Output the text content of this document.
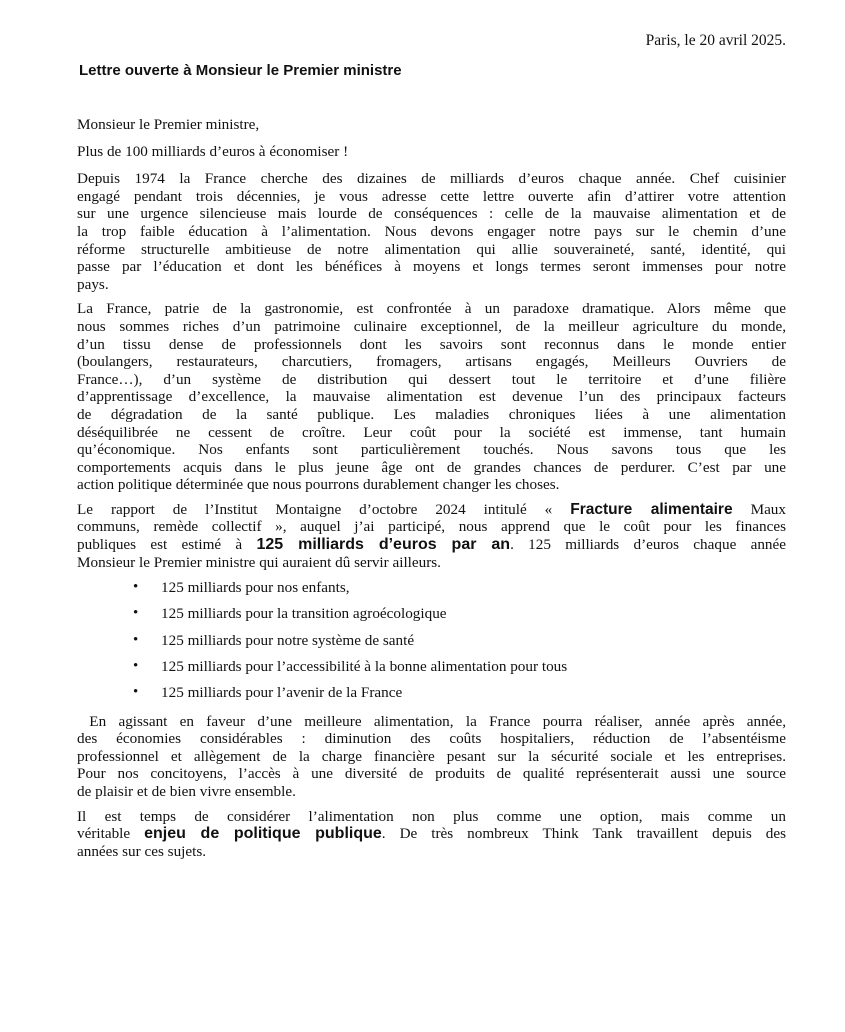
Paris, le 20 avril 2025.
Lettre ouverte à Monsieur le Premier ministre
Monsieur le Premier ministre,
Plus de 100 milliards d’euros à économiser !
Depuis 1974 la France cherche des dizaines de milliards d’euros chaque année. Chef cuisinier
engagé pendant trois décennies, je vous adresse cette lettre ouverte afin d’attirer votre attention
sur une urgence silencieuse mais lourde de conséquences : celle de la mauvaise alimentation et de
la trop faible éducation à l’alimentation. Nous devons engager notre pays sur le chemin d’une
réforme structurelle ambitieuse de notre alimentation qui allie souveraineté, santé, identité, qui
passe par l’éducation et dont les bénéfices à moyens et longs termes seront immenses pour notre
pays.
La France, patrie de la gastronomie, est confrontée à un paradoxe dramatique. Alors même que
nous sommes riches d’un patrimoine culinaire exceptionnel, de la meilleur agriculture du monde,
d’un tissu dense de professionnels dont les savoirs sont reconnus dans le monde entier
(boulangers, restaurateurs, charcutiers, fromagers, artisans engagés, Meilleurs Ouvriers de
France…), d’un système de distribution qui dessert tout le territoire et d’une filière
d’apprentissage d’excellence, la mauvaise alimentation est devenue l’un des principaux facteurs
de dégradation de la santé publique. Les maladies chroniques liées à une alimentation
déséquilibrée ne cessent de croître. Leur coût pour la société est immense, tant humain
qu’économique. Nos enfants sont particulièrement touchés. Nous savons tous que les
comportements acquis dans le plus jeune âge ont de grandes chances de perdurer. C’est par une
action politique déterminée que nous pourrons durablement changer les choses.
Le rapport de l’Institut Montaigne d’octobre 2024 intitulé « Fracture alimentaire Maux
communs, remède collectif », auquel j’ai participé, nous apprend que le coût pour les finances
publiques est estimé à 125 milliards d’euros par an. 125 milliards d’euros chaque année
Monsieur le Premier ministre qui auraient dû servir ailleurs.
• 125 milliards pour nos enfants,
• 125 milliards pour la transition agroécologique
• 125 milliards pour notre système de santé
• 125 milliards pour l’accessibilité à la bonne alimentation pour tous
• 125 milliards pour l’avenir de la France
En agissant en faveur d’une meilleure alimentation, la France pourra réaliser, année après année,
des économies considérables : diminution des coûts hospitaliers, réduction de l’absentéisme
professionnel et allègement de la charge financière pesant sur la sécurité sociale et les entreprises.
Pour nos concitoyens, l’accès à une diversité de produits de qualité représenterait aussi une source
de plaisir et de bien vivre ensemble.
Il est temps de considérer l’alimentation non plus comme une option, mais comme un
véritable enjeu de politique publique. De très nombreux Think Tank travaillent depuis des
années sur ces sujets.
